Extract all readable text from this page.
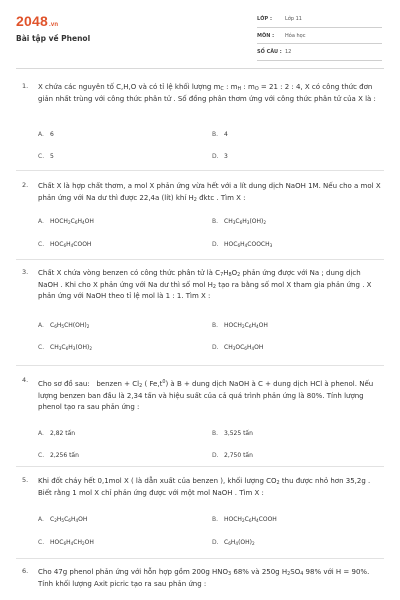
2048.vn
Bài tập về Phenol
LỚP :	Lớp 11
MÔN : Hóa học
SỐ CÂU : 12
1. X chứa các nguyên tố C,H,O và có tỉ lệ khối lượng $m_C$ : $m_H$ : $m_O = 21$ : 2 : 4, X có công thức đơn giản nhất trùng với công thức phân tử . Số đồng phân thơm ứng với công thức phân tử của X là :
A. 6	B. 4
C. 5	D. 3
2. Chất X là hợp chất thơm, a mol X phản ứng vừa hết với a lít dung dịch NaOH 1M. Nếu cho a mol X phản ứng với Na dư thì được 22,4a (lít) khí $H_2$ đktc . Tìm X :
A. $HOCH_2C_6H_4OH$	B. $CH_3C_6H_3(OH)_2$
C. $HOC_6H_4COOH$	D. $HOC_6H_4COOCH_3$
3. Chất X chứa vòng benzen có công thức phân tử là $C_7H_8O_2$ phản ứng được với Na ; dung dịch NaOH . Khi cho X phản ứng với Na dư thì số mol $H_2$ tạo ra bằng số mol X tham gia phản ứng . X phản ứng với NaOH theo tỉ lệ mol là 1 : 1. Tìm X :
A. $C_6H_5CH(OH)_2$	B. $HOCH_2C_6H_4OH$
C. $CH_3C_6H_3(OH)_2$	D. $CH_3OC_6H_4OH$
4. Cho sơ đồ sau:   benzen + $Cl_2$ ( $Fe,t^0$) à B + dung dịch NaOH à C + dung dịch HCl à phenol. Nếu lượng benzen ban đầu là 2,34 tấn và hiệu suất của cả quá trình phản ứng là 80%. Tính lượng phenol tạo ra sau phản ứng :
A. 2,82 tấn	B. 3,525 tấn
C. 2,256 tấn	D. 2,750 tấn
5. Khi đốt cháy hết 0,1mol X ( là dẫn xuất của benzen ), khối lượng $CO_2$ thu được nhỏ hơn 35,2g . Biết rằng 1 mol X chỉ phản ứng được với một mol NaOH . Tìm X :
A. $C_2H_5C_6H_4OH$	B. $HOCH_2C_6H_4COOH$
C. $HOC_6H_4CH_2OH$	D. $C_6H_4(OH)_2$
6. Cho 47g phenol phản ứng với hỗn hợp gồm 200g $HNO_3$ 68% và 250g $H_2SO_4$ 98% với H = 90%. Tính khối lượng Axit picric tạo ra sau phản ứng :
